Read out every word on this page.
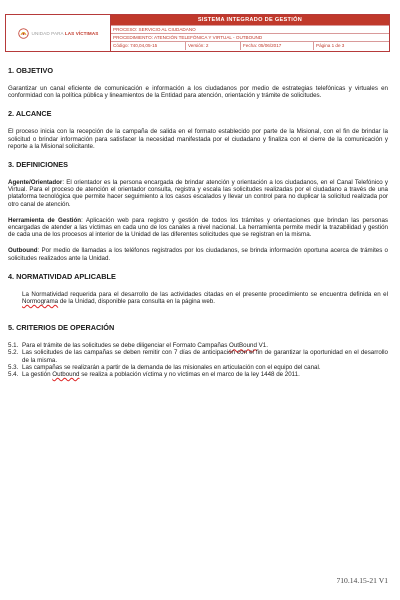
UNIDAD PARA LAS VÍCTIMAS
SISTEMA INTEGRADO DE GESTIÓN
PROCESO: SERVICIO AL CIUDADANO
PROCEDIMIENTO: ATENCIÓN TELEFÓNICA Y VIRTUAL - OUTBOUND
Código: 740,04,05-15	Versión: 2	Fecha: 05/06/2017	Página 1 de 3
1. OBJETIVO

Garantizar un canal eficiente de comunicación e información a los ciudadanos por medio de estrategias telefónicas y virtuales en conformidad con la política pública y lineamientos de la Entidad para atención, orientación y trámite de solicitudes.

2. ALCANCE

El proceso inicia con la recepción de la campaña de salida en el formato establecido por parte de la Misional, con el fin de brindar la solicitud o brindar información para satisfacer la necesidad manifestada por el ciudadano y finaliza con el cierre de la comunicación y reporte a la Misional solicitante.

3. DEFINICIONES

Agente/Orientador: El orientador es la persona encargada de brindar atención y orientación a los ciudadanos, en el Canal Telefónico y Virtual. Para el proceso de atención el orientador consulta, registra y escala las solicitudes realizadas por el ciudadano a través de una plataforma tecnológica que permite hacer seguimiento a los casos escalados y llevar un control para no duplicar la solicitud realizada por otro canal de atención.

Herramienta de Gestión: Aplicación web para registro y gestión de todos los trámites y orientaciones que brindan las personas encargadas de atender a las víctimas en cada uno de los canales a nivel nacional. La herramienta permite medir la trazabilidad y gestión de cada una de los procesos al interior de la Unidad de las diferentes solicitudes que se registran en la misma.

Outbound: Por medio de llamadas a los teléfonos registrados por los ciudadanos, se brinda información oportuna acerca de trámites o solicitudes realizados ante la Unidad.

4. NORMATIVIDAD APLICABLE

La Normatividad requerida para el desarrollo de las actividades citadas en el presente procedimiento se encuentra definida en el Normograma de la Unidad, disponible para consulta en la página web.

5. CRITERIOS DE OPERACIÓN
5.1. Para el trámite de las solicitudes se debe diligenciar el Formato Campañas OutBound V1.
5.2. Las solicitudes de las campañas se deben remitir con 7 días de anticipación con el fin de garantizar la oportunidad en el desarrollo de la misma.
5.3. Las campañas se realizarán a partir de la demanda de las misionales en articulación con el equipo del canal.
5.4. La gestión Outbound se realiza a población víctima y no víctimas en el marco de la ley 1448 de 2011.
710.14.15-21 V1
